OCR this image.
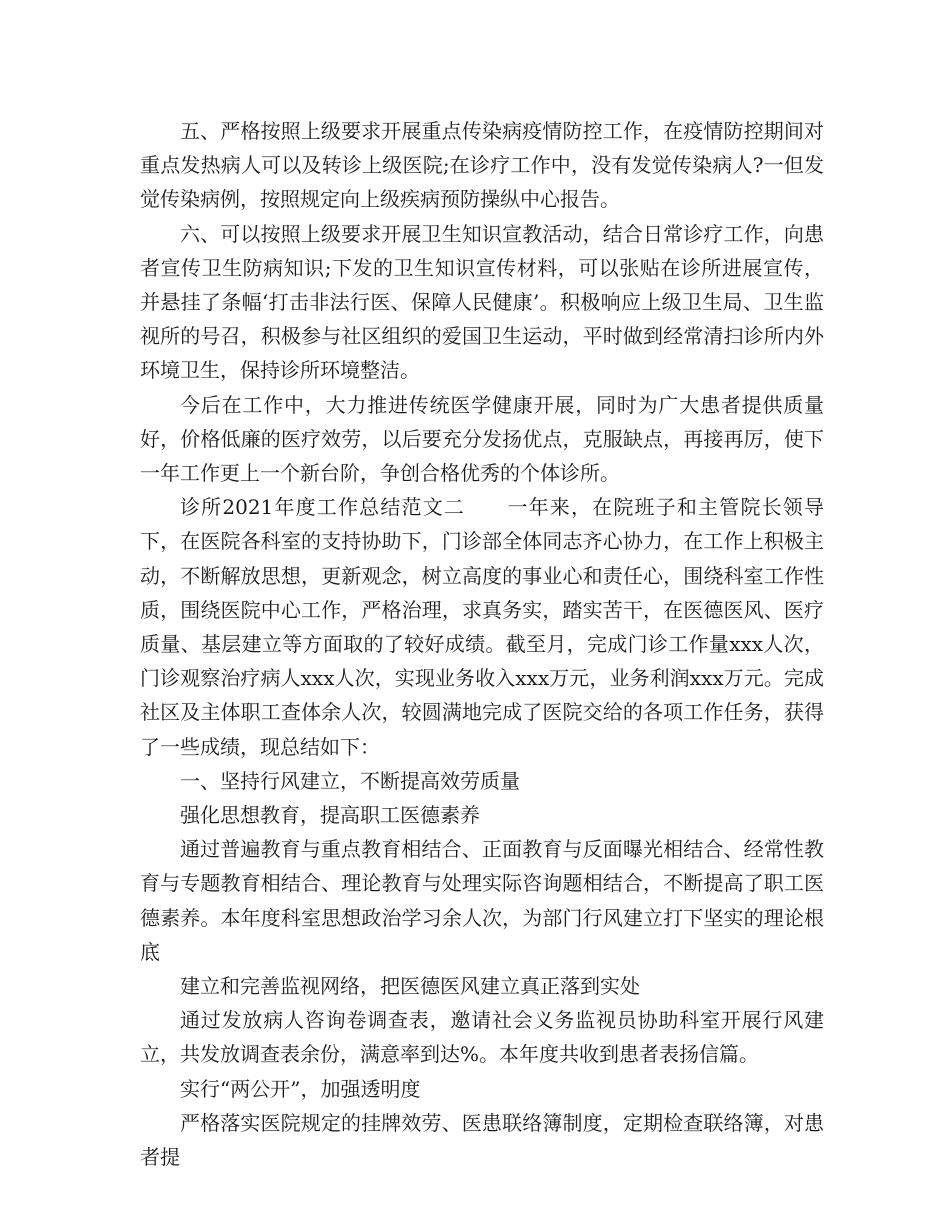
五、严格按照上级要求开展重点传染病疫情防控工作，在疫情防控期间对重点发热病人可以及转诊上级医院;在诊疗工作中，没有发觉传染病人?一但发觉传染病例，按照规定向上级疾病预防操纵中心报告。

六、可以按照上级要求开展卫生知识宣教活动，结合日常诊疗工作，向患者宣传卫生防病知识;下发的卫生知识宣传材料，可以张贴在诊所进展宣传，并悬挂了条幅‘打击非法行医、保障人民健康’。积极响应上级卫生局、卫生监视所的号召，积极参与社区组织的爱国卫生运动，平时做到经常清扫诊所内外环境卫生，保持诊所环境整洁。

今后在工作中，大力推进传统医学健康开展，同时为广大患者提供质量好，价格低廉的医疗效劳，以后要充分发扬优点，克服缺点，再接再厉，使下一年工作更上一个新台阶，争创合格优秀的个体诊所。

诊所2021年度工作总结范文二　　一年来，在院班子和主管院长领导下，在医院各科室的支持协助下，门诊部全体同志齐心协力，在工作上积极主动，不断解放思想，更新观念，树立高度的事业心和责任心，围绕科室工作性质，围绕医院中心工作，严格治理，求真务实，踏实苦干，在医德医风、医疗质量、基层建立等方面取的了较好成绩。截至月，完成门诊工作量xxx人次，门诊观察治疗病人xxx人次，实现业务收入xxx万元，业务利润xxx万元。完成社区及主体职工查体余人次，较圆满地完成了医院交给的各项工作任务，获得了一些成绩，现总结如下：

一、坚持行风建立，不断提高效劳质量

强化思想教育，提高职工医德素养

通过普遍教育与重点教育相结合、正面教育与反面曝光相结合、经常性教育与专题教育相结合、理论教育与处理实际咨询题相结合，不断提高了职工医德素养。本年度科室思想政治学习余人次，为部门行风建立打下坚实的理论根底

建立和完善监视网络，把医德医风建立真正落到实处

通过发放病人咨询卷调查表，邀请社会义务监视员协助科室开展行风建立，共发放调查表余份，满意率到达%。本年度共收到患者表扬信篇。

实行“两公开”，加强透明度

严格落实医院规定的挂牌效劳、医患联络簿制度，定期检查联络簿，对患者提
